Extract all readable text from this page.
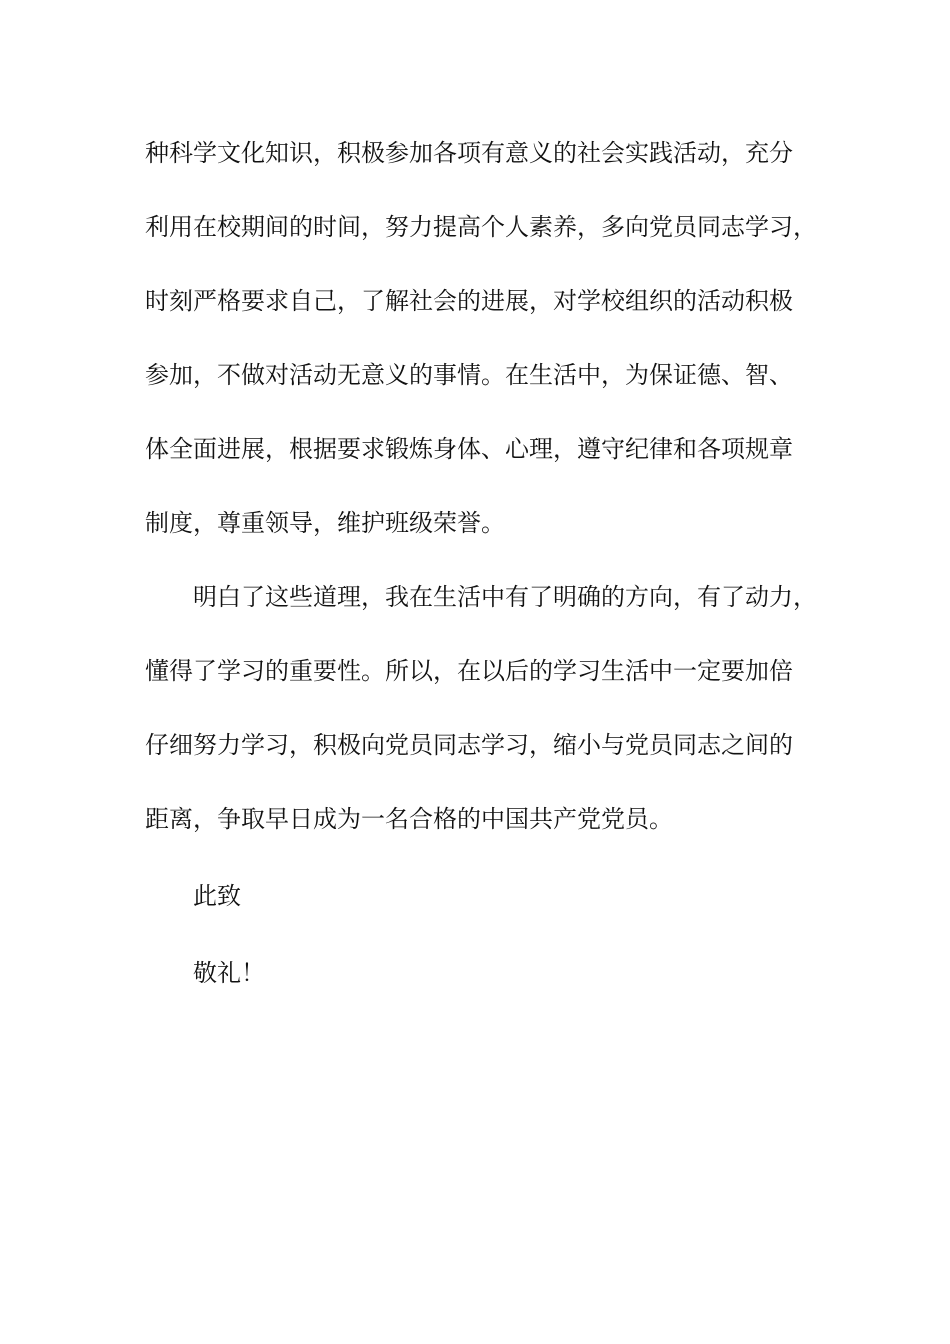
种科学文化知识，积极参加各项有意义的社会实践活动，充分
利用在校期间的时间，努力提高个人素养，多向党员同志学习，
时刻严格要求自己，了解社会的进展，对学校组织的活动积极
参加，不做对活动无意义的事情。在生活中，为保证德、智、
体全面进展，根据要求锻炼身体、心理，遵守纪律和各项规章
制度，尊重领导，维护班级荣誉。
明白了这些道理，我在生活中有了明确的方向，有了动力，
懂得了学习的重要性。所以，在以后的学习生活中一定要加倍
仔细努力学习，积极向党员同志学习，缩小与党员同志之间的
距离，争取早日成为一名合格的中国共产党党员。
此致
敬礼！
